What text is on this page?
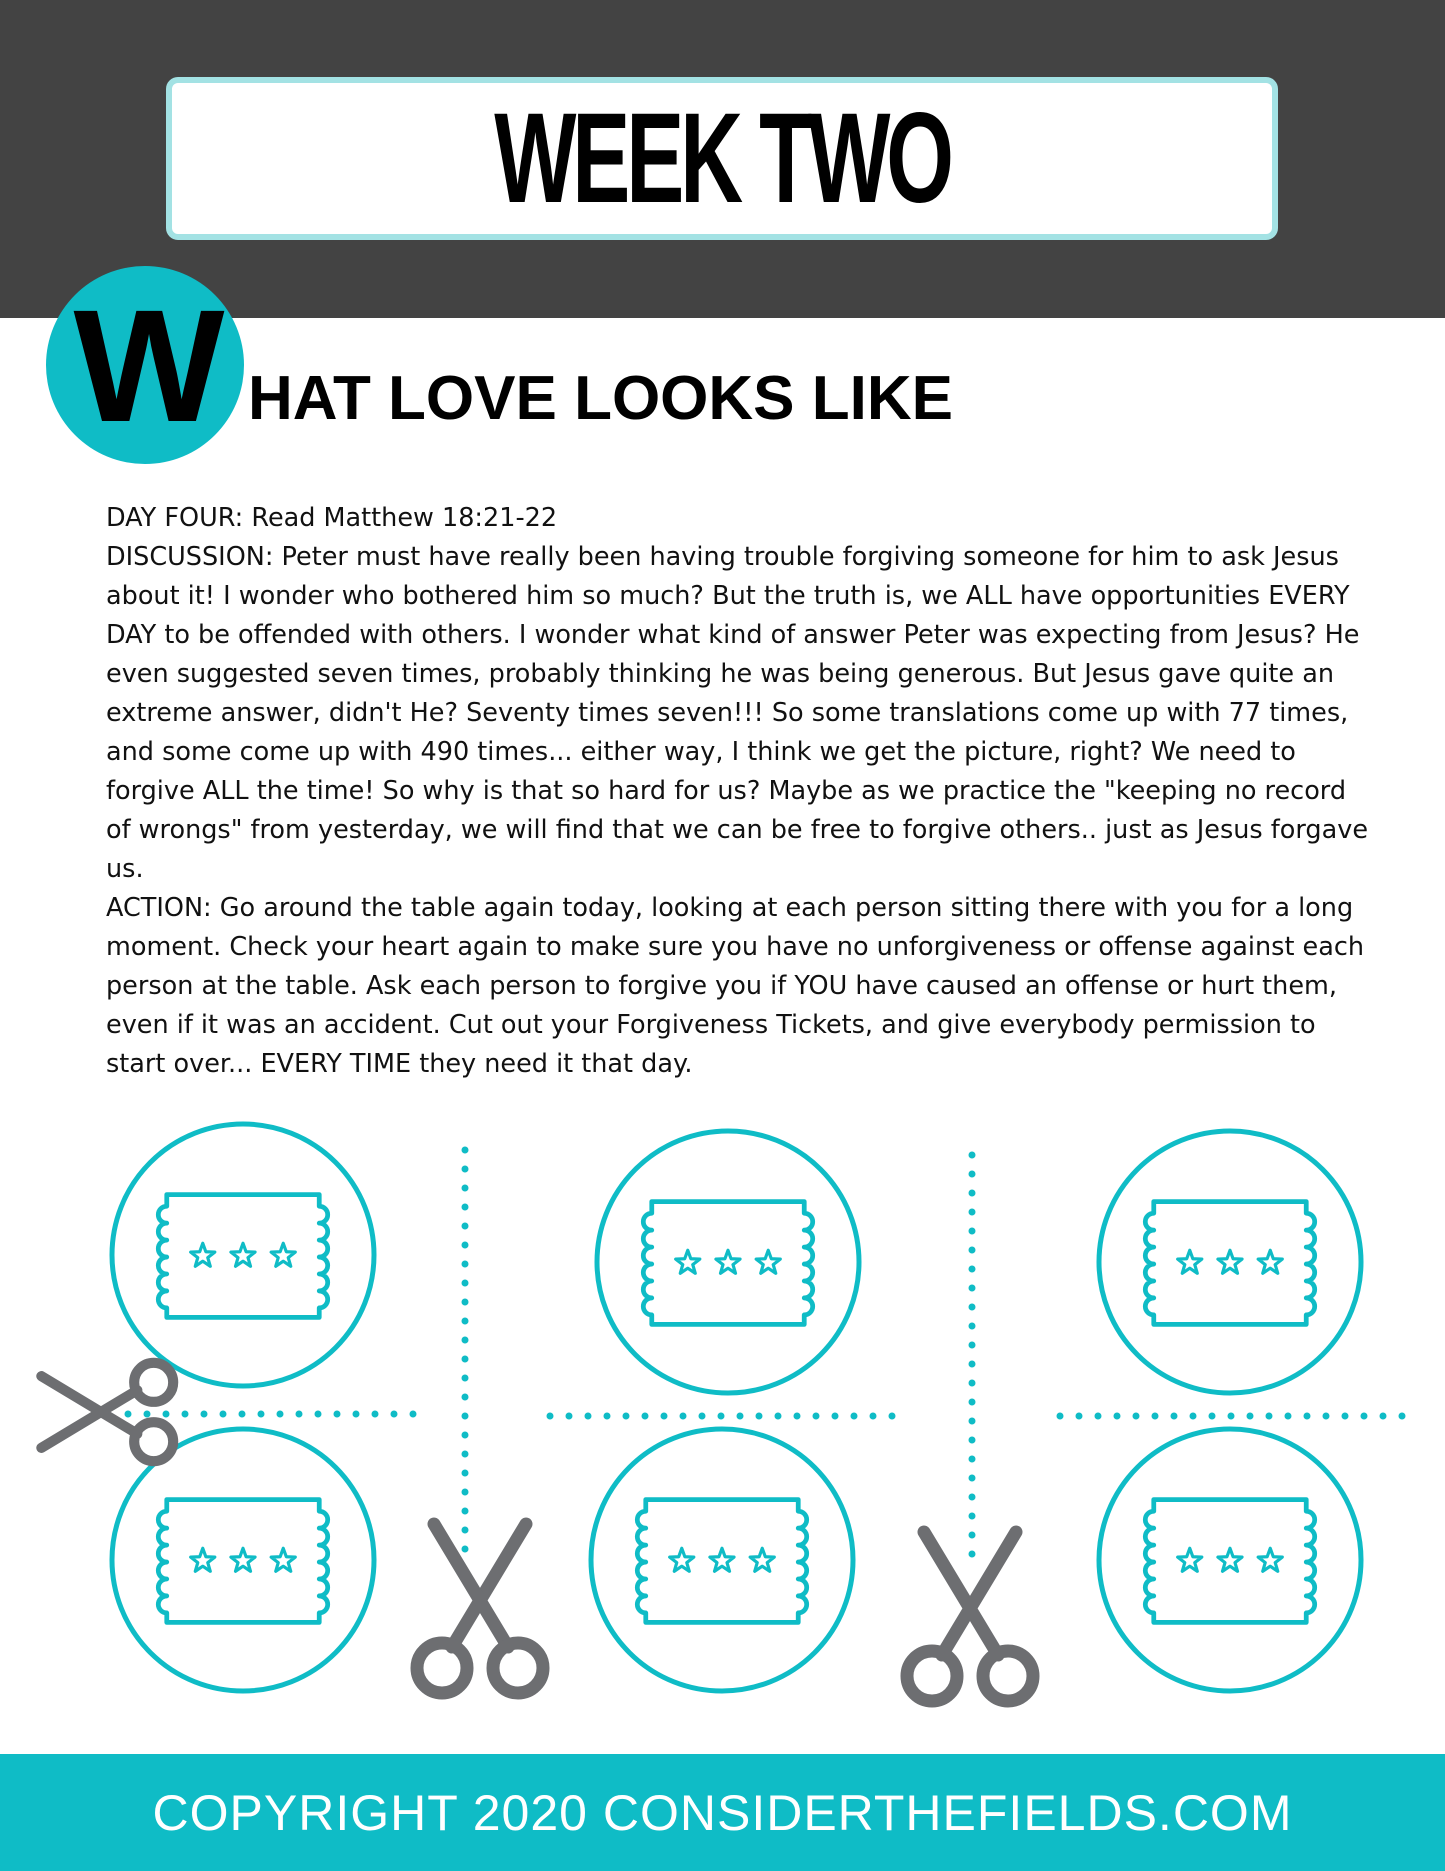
WEEK TWO
W HAT LOVE LOOKS LIKE

DAY FOUR: Read Matthew 18:21-22

DISCUSSION: Peter must have really been having trouble forgiving someone for him to ask Jesus about it! I wonder who bothered him so much? But the truth is, we ALL have opportunities EVERY DAY to be offended with others. I wonder what kind of answer Peter was expecting from Jesus? He even suggested seven times, probably thinking he was being generous. But Jesus gave quite an extreme answer, didn't He? Seventy times seven!!! So some translations come up with 77 times, and some come up with 490 times... either way, I think we get the picture, right? We need to forgive ALL the time! So why is that so hard for us? Maybe as we practice the "keeping no record of wrongs" from yesterday, we will find that we can be free to forgive others.. just as Jesus forgave us.

ACTION: Go around the table again today, looking at each person sitting there with you for a long moment. Check your heart again to make sure you have no unforgiveness or offense against each person at the table. Ask each person to forgive you if YOU have caused an offense or hurt them, even if it was an accident. Cut out your Forgiveness Tickets, and give everybody permission to start over... EVERY TIME they need it that day.

COPYRIGHT 2020 CONSIDERTHEFIELDS.COM
